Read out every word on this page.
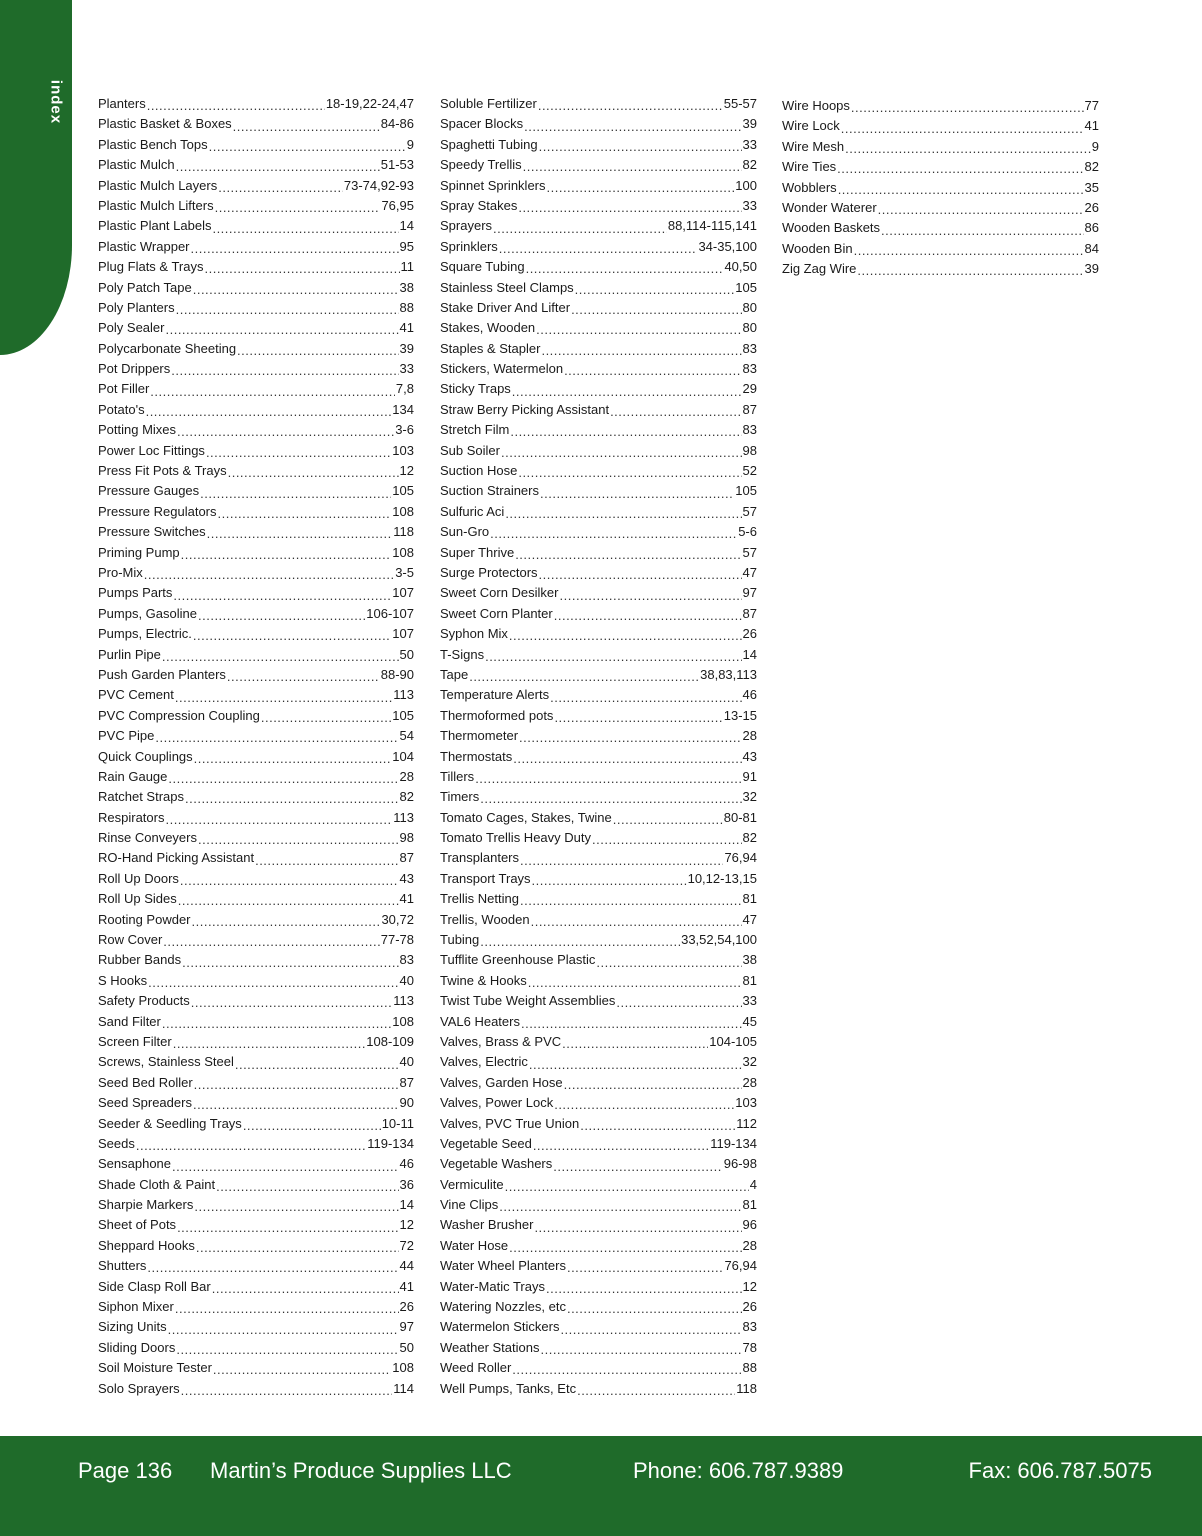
index	Planters .....	18-19,22-24,47
Plastic Basket & Boxes .....	84-86
Plastic Bench Tops .....	9
Plastic Mulch .....	51-53
Plastic Mulch Layers .....	73-74,92-93
Plastic Mulch Lifters .....	76,95
Plastic Plant Labels .....	14
Plastic Wrapper .....	95
Plug Flats & Trays .....	11
Poly Patch Tape .....	38
Poly Planters .....	88
Poly Sealer .....	41
Polycarbonate Sheeting .....	39
Pot Drippers .....	33
Pot Filler .....	7,8
Potato's .....	134
Potting Mixes .....	3-6
Power Loc Fittings .....	103
Press Fit Pots & Trays .....	12
Pressure Gauges .....	105
Pressure Regulators .....	108
Pressure Switches .....	118
Priming Pump .....	108
Pro-Mix .....	3-5
Pumps Parts .....	107
Pumps, Gasoline .....	106-107
Pumps, Electric. .....	107
Purlin Pipe .....	50
Push Garden Planters .....	88-90
PVC Cement .....	113
PVC Compression Coupling .....	105
PVC Pipe .....	54
Quick Couplings .....	104
Rain Gauge .....	28
Ratchet Straps .....	82
Respirators .....	113
Rinse Conveyers .....	98
RO-Hand Picking Assistant .....	87
Roll Up Doors .....	43
Roll Up Sides .....	41
Rooting Powder .....	30,72
Row Cover .....	77-78
Rubber Bands .....	83
S Hooks .....	40
Safety Products .....	113
Sand Filter .....	108
Screen Filter .....	108-109
Screws, Stainless Steel .....	40
Seed Bed Roller .....	87
Seed Spreaders .....	90
Seeder & Seedling Trays .....	10-11
Seeds .....	119-134
Sensaphone .....	46
Shade Cloth & Paint .....	36
Sharpie Markers .....	14
Sheet of Pots .....	12
Sheppard Hooks .....	72
Shutters .....	44
Side Clasp Roll Bar .....	41
Siphon Mixer .....	26
Sizing Units .....	97
Sliding Doors .....	50
Soil Moisture Tester .....	108
Solo Sprayers .....	114
Soluble Fertilizer .....	55-57
Spacer Blocks .....	39
Spaghetti Tubing .....	33
Speedy Trellis .....	82
Spinnet Sprinklers .....	100
Spray Stakes .....	33
Sprayers .....	88,114-115,141
Sprinklers .....	34-35,100
Square Tubing .....	40,50
Stainless Steel Clamps .....	105
Stake Driver And Lifter .....	80
Stakes, Wooden .....	80
Staples & Stapler .....	83
Stickers, Watermelon .....	83
Sticky Traps .....	29
Straw Berry Picking Assistant .....	87
Stretch Film .....	83
Sub Soiler .....	98
Suction Hose .....	52
Suction Strainers .....	105
Sulfuric Aci .....	57
Sun-Gro .....	5-6
Super Thrive .....	57
Surge Protectors .....	47
Sweet Corn Desilker .....	97
Sweet Corn Planter .....	87
Syphon Mix .....	26
T-Signs .....	14
Tape .....	38,83,113
Temperature Alerts .....	46
Thermoformed pots .....	13-15
Thermometer .....	28
Thermostats .....	43
Tillers .....	91
Timers .....	32
Tomato Cages, Stakes, Twine .....	80-81
Tomato Trellis Heavy Duty .....	82
Transplanters .....	76,94
Transport Trays .....	10,12-13,15
Trellis Netting .....	81
Trellis, Wooden .....	47
Tubing .....	33,52,54,100
Tufflite Greenhouse Plastic .....	38
Twine & Hooks .....	81
Twist Tube Weight Assemblies .....	33
VAL6 Heaters .....	45
Valves, Brass & PVC .....	104-105
Valves, Electric .....	32
Valves, Garden Hose .....	28
Valves, Power Lock .....	103
Valves, PVC True Union .....	112
Vegetable Seed .....	119-134
Vegetable Washers .....	96-98
Vermiculite .....	4
Vine Clips .....	81
Washer Brusher .....	96
Water Hose .....	28
Water Wheel Planters .....	76,94
Water-Matic Trays .....	12
Watering Nozzles, etc .....	26
Watermelon Stickers .....	83
Weather Stations .....	78
Weed Roller .....	88
Well Pumps, Tanks, Etc .....	118
Wire Hoops .....	77
Wire Lock .....	41
Wire Mesh .....	9
Wire Ties .....	82
Wobblers .....	35
Wonder Waterer .....	26
Wooden Baskets .....	86
Wooden Bin .....	84
Zig Zag Wire .....	39
Page 136 Martin’s Produce Supplies LLC	Phone: 606.787.9389	Fax: 606.787.5075
